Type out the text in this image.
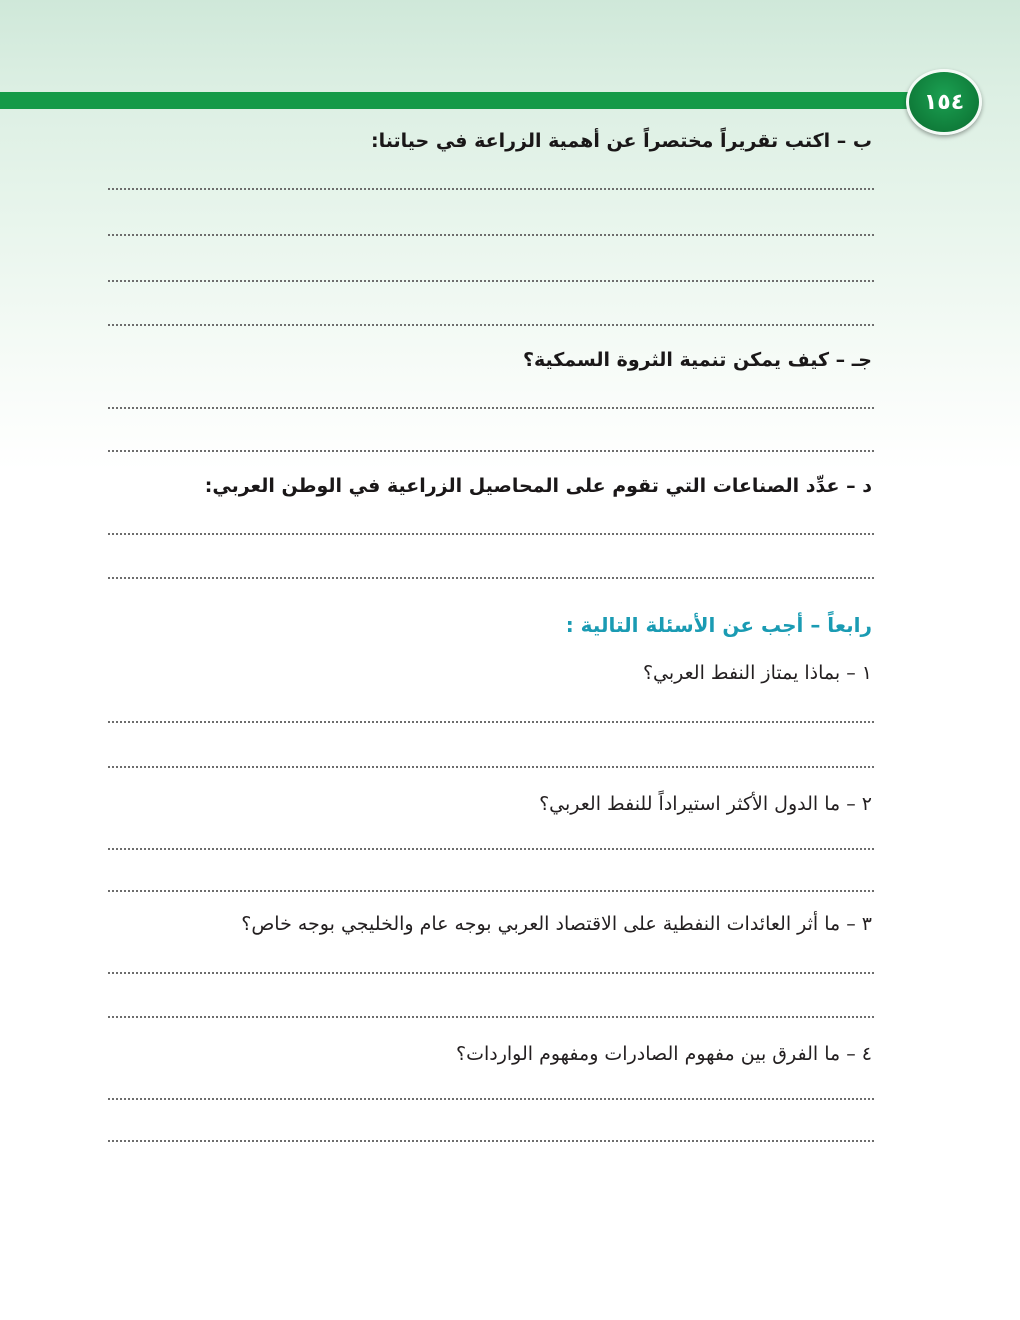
١٥٤
ب – اكتب تقريراً مختصراً عن أهمية الزراعة في حياتنا:
جـ – كيف يمكن تنمية الثروة السمكية؟
د – عدِّد الصناعات التي تقوم على المحاصيل الزراعية في الوطن العربي:
رابعاً – أجب عن الأسئلة التالية :
١ – بماذا يمتاز النفط العربي؟
٢ – ما الدول الأكثر استيراداً للنفط العربي؟
٣ – ما أثر العائدات النفطية على الاقتصاد العربي بوجه عام والخليجي بوجه خاص؟
٤ – ما الفرق بين مفهوم الصادرات ومفهوم الواردات؟
